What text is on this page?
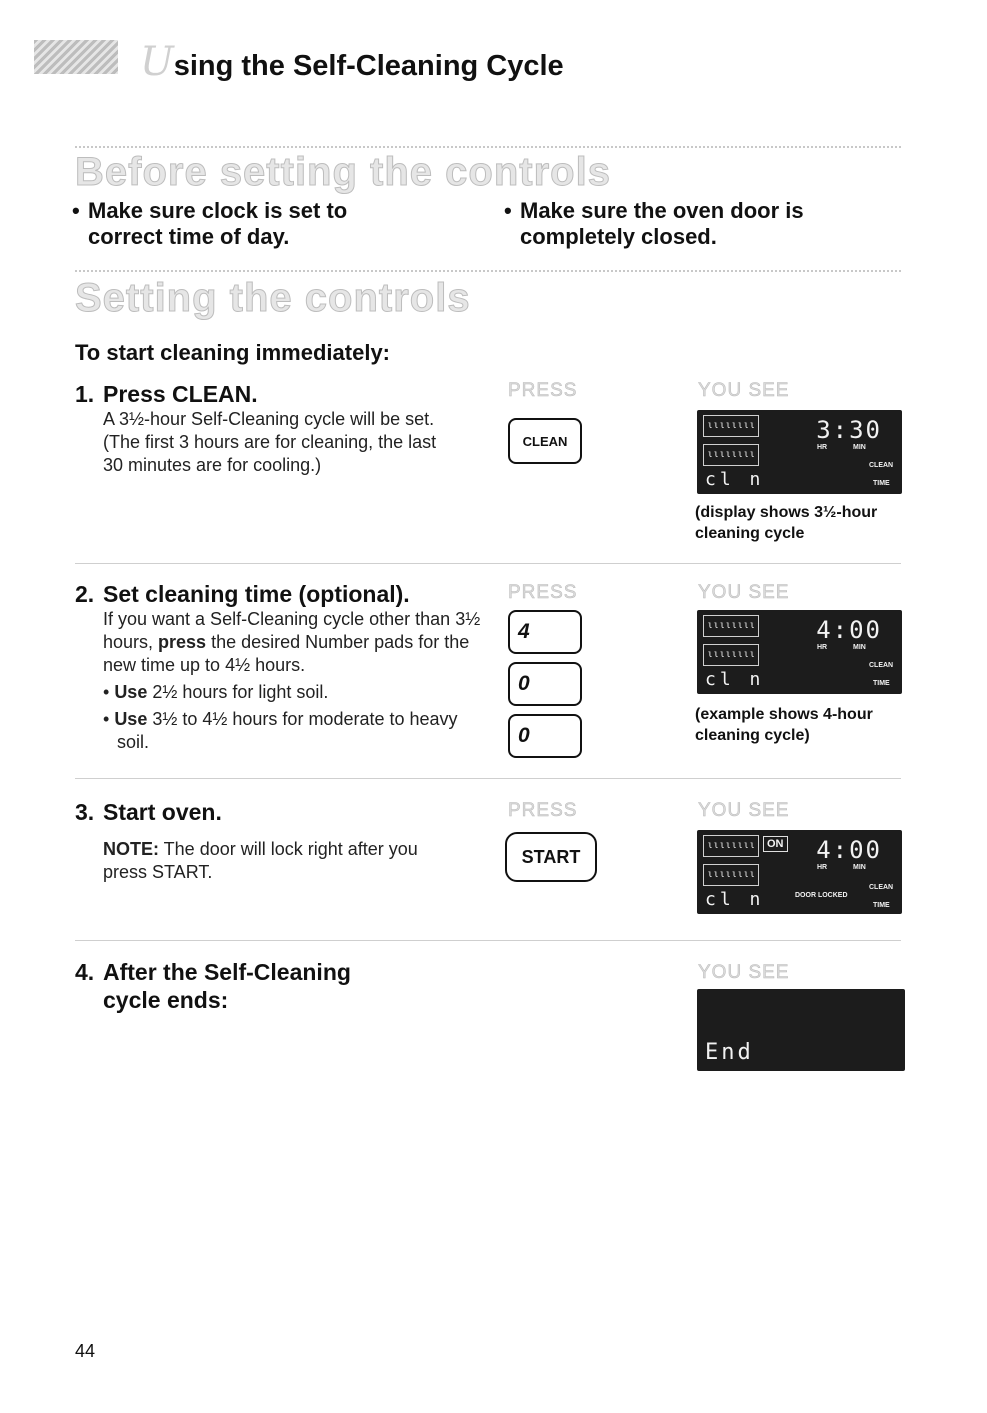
U sing the Self-Cleaning Cycle
Before setting the controls
• Make sure clock is set to correct time of day.
• Make sure the oven door is completely closed.
Setting the controls
To start cleaning immediately:
1. Press CLEAN.
A 3½-hour Self-Cleaning cycle will be set. (The first 3 hours are for cleaning, the last 30 minutes are for cooling.)
PRESS
CLEAN
YOU SEE
ιιιιιιιι
ιιιιιιιι
3:30
HR	MIN
CLEAN
TIME
cl n
(display shows 3½-hour cleaning cycle
2. Set cleaning time (optional).
If you want a Self-Cleaning cycle other than 3½ hours, press the desired Number pads for the new time up to 4½ hours.
• Use 2½ hours for light soil.
• Use 3½ to 4½ hours for moderate to heavy soil.
PRESS
4
0
0
YOU SEE
ιιιιιιιι
ιιιιιιιι
4:00
HR	MIN
CLEAN
TIME
cl n
(example shows 4-hour cleaning cycle)
3. Start oven.
NOTE: The door will lock right after you press START.
PRESS
START
YOU SEE
ιιιιιιιι
ιιιιιιιι
ON 4:00
HR	MIN
CLEAN
DOOR LOCKED
TIME
cl n
4. After the Self-Cleaning
cycle ends:
YOU SEE
End
44
